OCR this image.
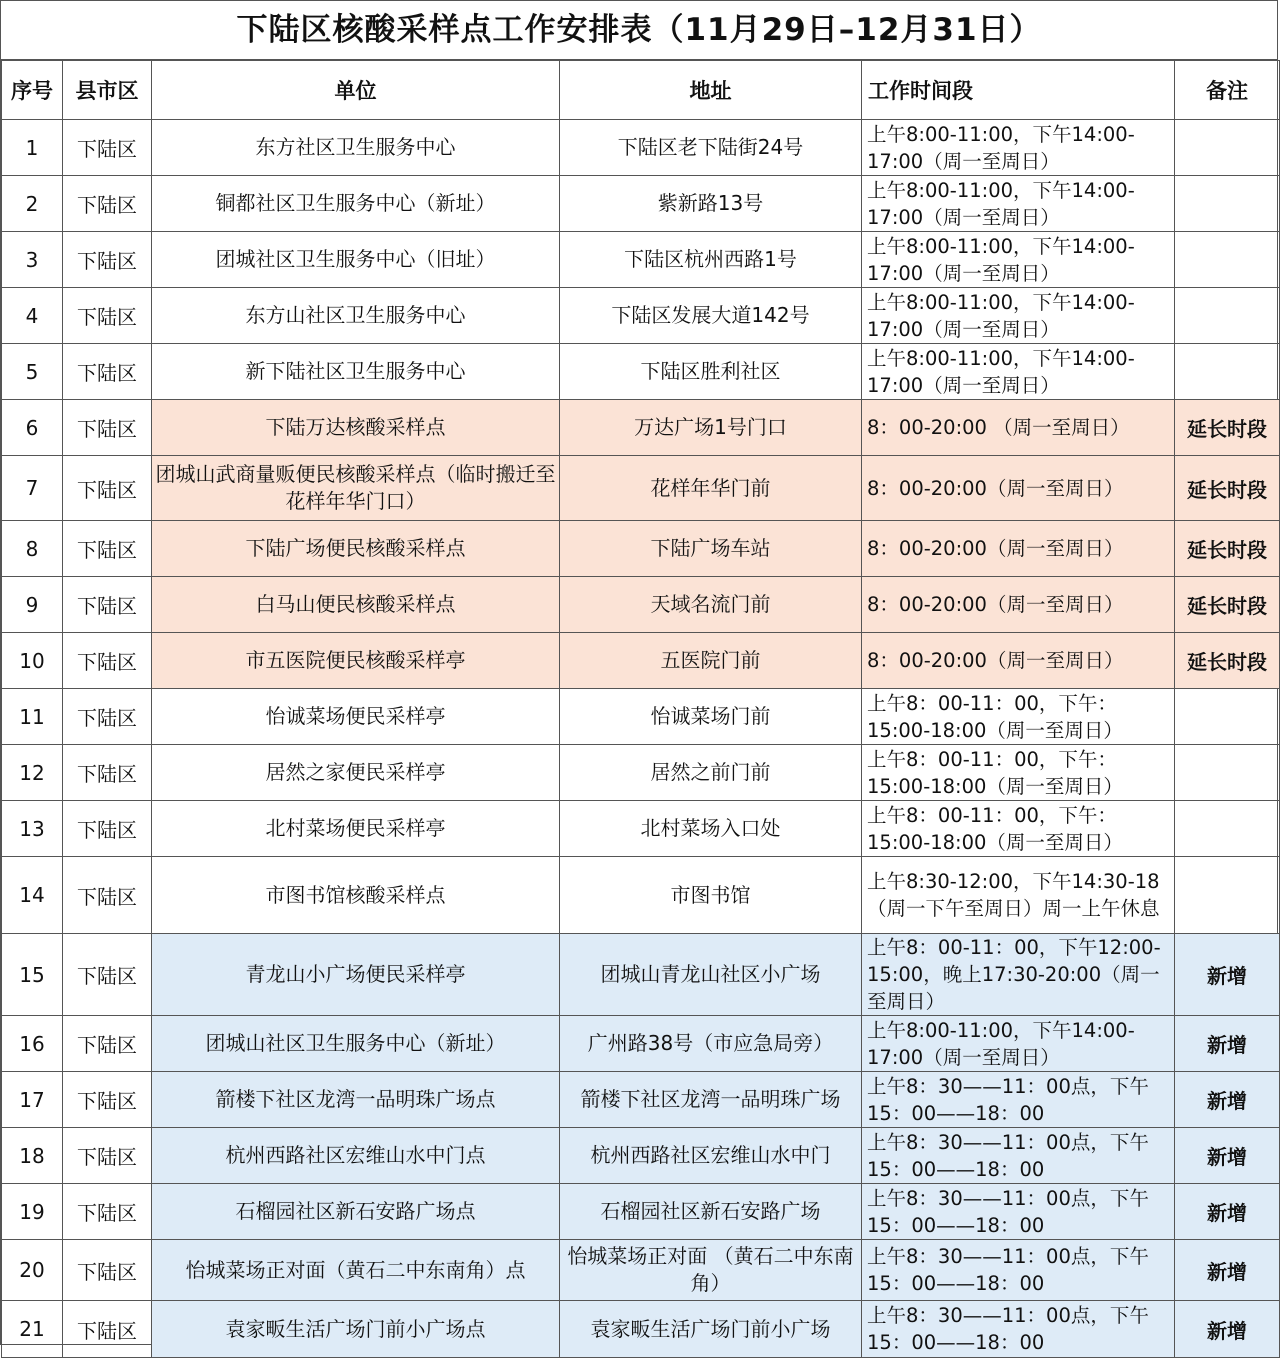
下陆区核酸采样点工作安排表（11月29日–12月31日）
序号	县市区	单位	地址	工作时间段	备注
1	下陆区	东方社区卫生服务中心	下陆区老下陆街24号	上午8:00-11:00，下午14:00-17:00（周一至周日）	
2	下陆区	铜都社区卫生服务中心（新址）	紫新路13号	上午8:00-11:00，下午14:00-17:00（周一至周日）	
3	下陆区	团城社区卫生服务中心（旧址）	下陆区杭州西路1号	上午8:00-11:00，下午14:00-17:00（周一至周日）	
4	下陆区	东方山社区卫生服务中心	下陆区发展大道142号	上午8:00-11:00，下午14:00-17:00（周一至周日）	
5	下陆区	新下陆社区卫生服务中心	下陆区胜利社区	上午8:00-11:00，下午14:00-17:00（周一至周日）	
6	下陆区	下陆万达核酸采样点	万达广场1号门口	8：00-20:00 （周一至周日）	延长时段
7	下陆区	团城山武商量贩便民核酸采样点（临时搬迁至花样年华门口）	花样年华门前	8：00-20:00（周一至周日）	延长时段
8	下陆区	下陆广场便民核酸采样点	下陆广场车站	8：00-20:00（周一至周日）	延长时段
9	下陆区	白马山便民核酸采样点	天域名流门前	8：00-20:00（周一至周日）	延长时段
10	下陆区	市五医院便民核酸采样亭	五医院门前	8：00-20:00（周一至周日）	延长时段
11	下陆区	怡诚菜场便民采样亭	怡诚菜场门前	上午8：00-11：00，下午：15:00-18:00（周一至周日）	
12	下陆区	居然之家便民采样亭	居然之前门前	上午8：00-11：00，下午：15:00-18:00（周一至周日）	
13	下陆区	北村菜场便民采样亭	北村菜场入口处	上午8：00-11：00，下午：15:00-18:00（周一至周日）	
14	下陆区	市图书馆核酸采样点	市图书馆	上午8:30-12:00，下午14:30-18（周一下午至周日）周一上午休息	
15	下陆区	青龙山小广场便民采样亭	团城山青龙山社区小广场	上午8：00-11：00，下午12:00-15:00，晚上17:30-20:00（周一至周日）	新增
16	下陆区	团城山社区卫生服务中心（新址）	广州路38号（市应急局旁）	上午8:00-11:00，下午14:00-17:00（周一至周日）	新增
17	下陆区	箭楼下社区龙湾一品明珠广场点	箭楼下社区龙湾一品明珠广场	上午8：30——11：00点，下午15：00——18：00	新增
18	下陆区	杭州西路社区宏维山水中门点	杭州西路社区宏维山水中门	上午8：30——11：00点，下午15：00——18：00	新增
19	下陆区	石榴园社区新石安路广场点	石榴园社区新石安路广场	上午8：30——11：00点，下午15：00——18：00	新增
20	下陆区	怡城菜场正对面（黄石二中东南角）点	怡城菜场正对面 （黄石二中东南角）	上午8：30——11：00点，下午15：00——18：00	新增
21	下陆区	袁家畈生活广场门前小广场点	袁家畈生活广场门前小广场	上午8：30——11：00点，下午15：00——18：00	新增
